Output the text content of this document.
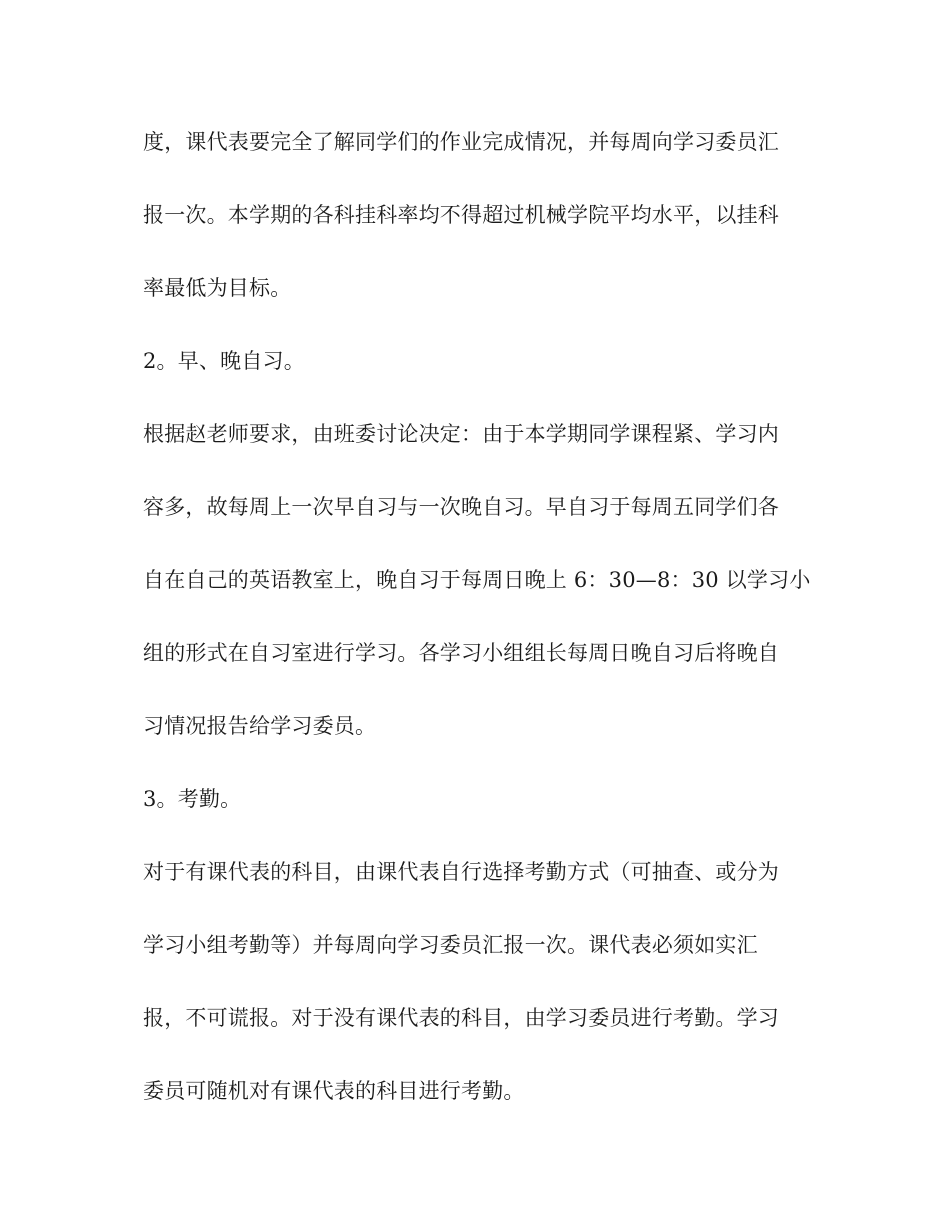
度，课代表要完全了解同学们的作业完成情况，并每周向学习委员汇
报一次。本学期的各科挂科率均不得超过机械学院平均水平，以挂科
率最低为目标。
2。早、晚自习。
根据赵老师要求，由班委讨论决定：由于本学期同学课程紧、学习内
容多，故每周上一次早自习与一次晚自习。早自习于每周五同学们各
自在自己的英语教室上，晚自习于每周日晚上 6：30—8：30 以学习小
组的形式在自习室进行学习。各学习小组组长每周日晚自习后将晚自
习情况报告给学习委员。
3。考勤。
对于有课代表的科目，由课代表自行选择考勤方式（可抽查、或分为
学习小组考勤等）并每周向学习委员汇报一次。课代表必须如实汇
报，不可谎报。对于没有课代表的科目，由学习委员进行考勤。学习
委员可随机对有课代表的科目进行考勤。
